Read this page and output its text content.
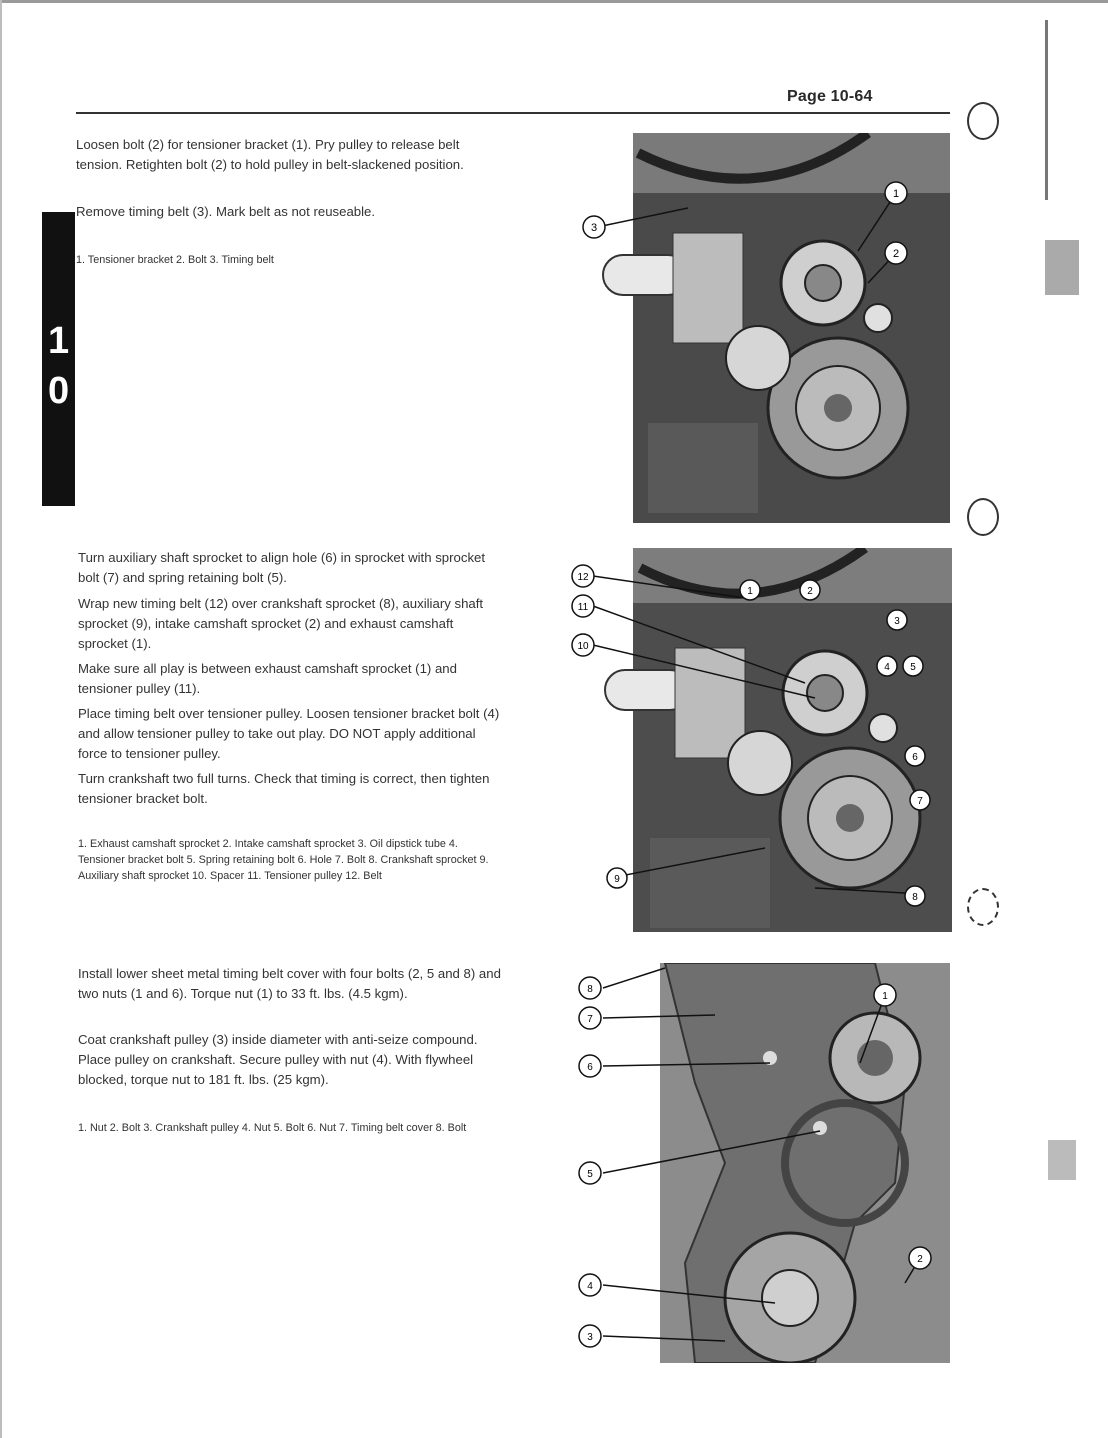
Page 10-64
1
0

Loosen bolt (2) for tensioner bracket (1). Pry pulley to release belt tension. Retighten bolt (2) to hold pulley in belt-slackened position.

Remove timing belt (3). Mark belt as not reuseable.

1. Tensioner bracket 2. Bolt 3. Timing belt

3
1
2

Turn auxiliary shaft sprocket to align hole (6) in sprocket with sprocket bolt (7) and spring retaining bolt (5).

Wrap new timing belt (12) over crankshaft sprocket (8), auxiliary shaft sprocket (9), intake camshaft sprocket (2) and exhaust camshaft sprocket (1).

Make sure all play is between exhaust camshaft sprocket (1) and tensioner pulley (11).

Place timing belt over tensioner pulley. Loosen tensioner bracket bolt (4) and allow tensioner pulley to take out play. DO NOT apply additional force to tensioner pulley.

Turn crankshaft two full turns. Check that timing is correct, then tighten tensioner bracket bolt.

1. Exhaust camshaft sprocket 2. Intake camshaft sprocket 3. Oil dipstick tube 4. Tensioner bracket bolt 5. Spring retaining bolt 6. Hole 7. Bolt 8. Crankshaft sprocket 9. Auxiliary shaft sprocket 10. Spacer 11. Tensioner pulley 12. Belt

12
11
10
1	2
3
4 5
6
7
9
8

Install lower sheet metal timing belt cover with four bolts (2, 5 and 8) and two nuts (1 and 6). Torque nut (1) to 33 ft. lbs. (4.5 kgm).

Coat crankshaft pulley (3) inside diameter with anti-seize compound. Place pulley on crankshaft. Secure pulley with nut (4). With flywheel blocked, torque nut to 181 ft. lbs. (25 kgm).

1. Nut 2. Bolt 3. Crankshaft pulley 4. Nut 5. Bolt 6. Nut 7. Timing belt cover 8. Bolt

8
7
6
1
5
2
4
3
